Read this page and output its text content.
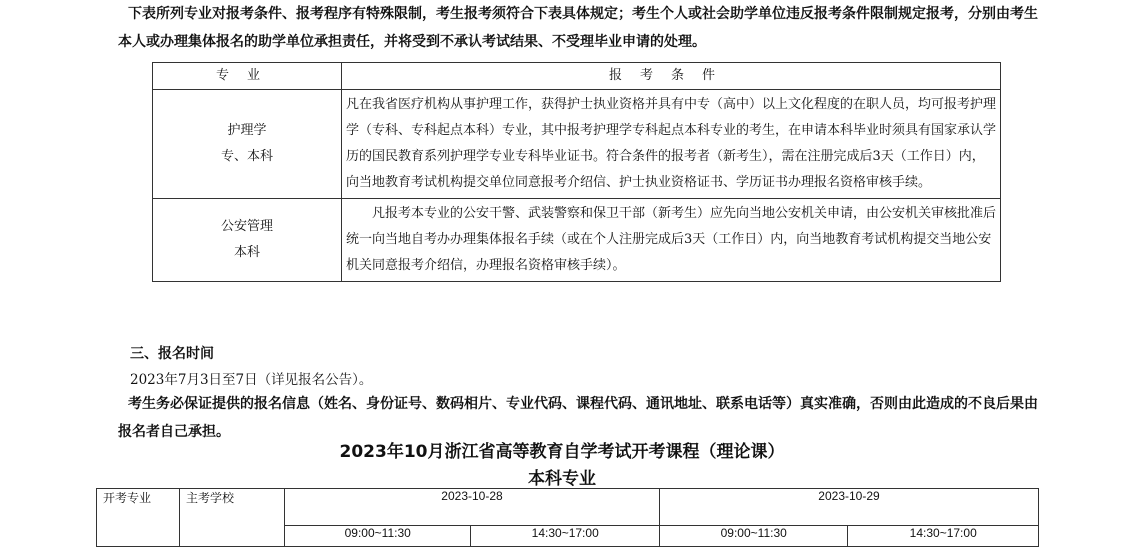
下表所列专业对报考条件、报考程序有特殊限制，考生报考须符合下表具体规定；考生个人或社会助学单位违反报考条件限制规定报考，分别由考生本人或办理集体报名的助学单位承担责任，并将受到不承认考试结果、不受理毕业申请的处理。
专业	报考条件

护理学
专、本科	凡在我省医疗机构从事护理工作，获得护士执业资格并具有中专（高中）以上文化程度的在职人员，均可报考护理学（专科、专科起点本科）专业，其中报考护理学专科起点本科专业的考生，在申请本科毕业时须具有国家承认学历的国民教育系列护理学专业专科毕业证书。符合条件的报考者（新考生），需在注册完成后3天（工作日）内，向当地教育考试机构提交单位同意报考介绍信、护士执业资格证书、学历证书办理报名资格审核手续。

公安管理
本科	凡报考本专业的公安干警、武装警察和保卫干部（新考生）应先向当地公安机关申请，由公安机关审核批准后统一向当地自考办办理集体报名手续（或在个人注册完成后3天（工作日）内，向当地教育考试机构提交当地公安机关同意报考介绍信，办理报名资格审核手续）。
三、报名时间
2023年7月3日至7日（详见报名公告）。
考生务必保证提供的报名信息（姓名、身份证号、数码相片、专业代码、课程代码、通讯地址、联系电话等）真实准确，否则由此造成的不良后果由报名者自己承担。
2023年10月浙江省高等教育自学考试开考课程（理论课）
本科专业
开考专业	主考学校	2023-10-28		2023-10-29	
		09:00~11:30	14:30~17:00	09:00~11:30	14:30~17:00
